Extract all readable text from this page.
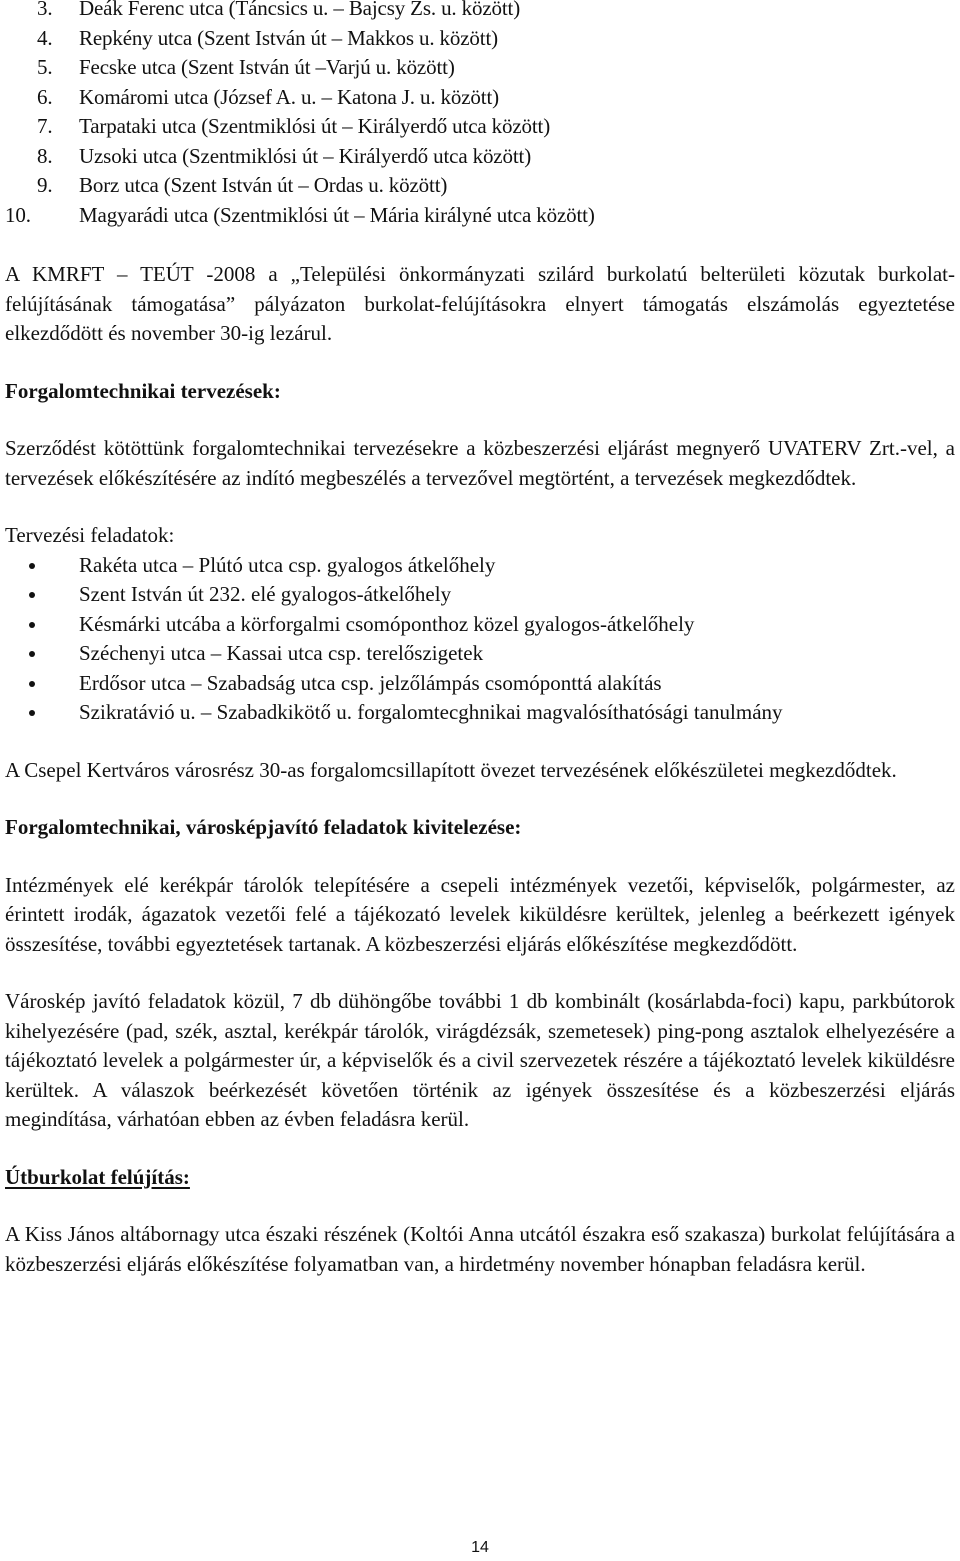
3. Deák Ferenc utca (Táncsics u. – Bajcsy Zs. u. között)
4. Repkény utca (Szent István út – Makkos u. között)
5. Fecske utca (Szent István út –Varjú u. között)
6. Komáromi utca (József A. u. – Katona J. u. között)
7. Tarpataki utca (Szentmiklósi út – Királyerdő utca között)
8. Uzsoki utca (Szentmiklósi út – Királyerdő utca között)
9. Borz utca (Szent István út – Ordas u. között)
10. Magyarádi utca (Szentmiklósi út – Mária királyné utca között)

A KMRFT – TEÚT -2008 a „Települési önkormányzati szilárd burkolatú belterületi közutak burkolat-felújításának támogatása” pályázaton burkolat-felújításokra elnyert támogatás elszámolás egyeztetése elkezdődött és november 30-ig lezárul.

Forgalomtechnikai tervezések:

Szerződést kötöttünk forgalomtechnikai tervezésekre a közbeszerzési eljárást megnyerő UVATERV Zrt.-vel, a tervezések előkészítésére az indító megbeszélés a tervezővel megtörtént, a tervezések megkezdődtek.

Tervezési feladatok:

Rakéta utca – Plútó utca csp. gyalogos átkelőhely
Szent István út 232. elé gyalogos-átkelőhely
Késmárki utcába a körforgalmi csomóponthoz közel gyalogos-átkelőhely
Széchenyi utca – Kassai utca csp. terelőszigetek
Erdősor utca – Szabadság utca csp. jelzőlámpás csomóponttá alakítás
Szikratávió u. – Szabadkikötő u. forgalomtecghnikai magvalósíthatósági tanulmány

A Csepel Kertváros városrész 30-as forgalomcsillapított övezet tervezésének előkészületei megkezdődtek.

Forgalomtechnikai, városképjavító feladatok kivitelezése:

Intézmények elé kerékpár tárolók telepítésére a csepeli intézmények vezetői, képviselők, polgármester, az érintett irodák, ágazatok vezetői felé a tájékozató levelek kiküldésre kerültek, jelenleg a beérkezett igények összesítése, további egyeztetések tartanak. A közbeszerzési eljárás előkészítése megkezdődött.

Városkép javító feladatok közül, 7 db dühöngőbe további 1 db kombinált (kosárlabda-foci) kapu, parkbútorok kihelyezésére (pad, szék, asztal, kerékpár tárolók, virágdézsák, szemetesek) ping-pong asztalok elhelyezésére a tájékoztató levelek a polgármester úr, a képviselők és a civil szervezetek részére a tájékoztató levelek kiküldésre kerültek. A válaszok beérkezését követően történik az igények összesítése és a közbeszerzési eljárás megindítása, várhatóan ebben az évben feladásra kerül.

Útburkolat felújítás:

A Kiss János altábornagy utca északi részének (Koltói Anna utcától északra eső szakasza) burkolat felújítására a közbeszerzési eljárás előkészítése folyamatban van, a hirdetmény november hónapban feladásra kerül.

14
